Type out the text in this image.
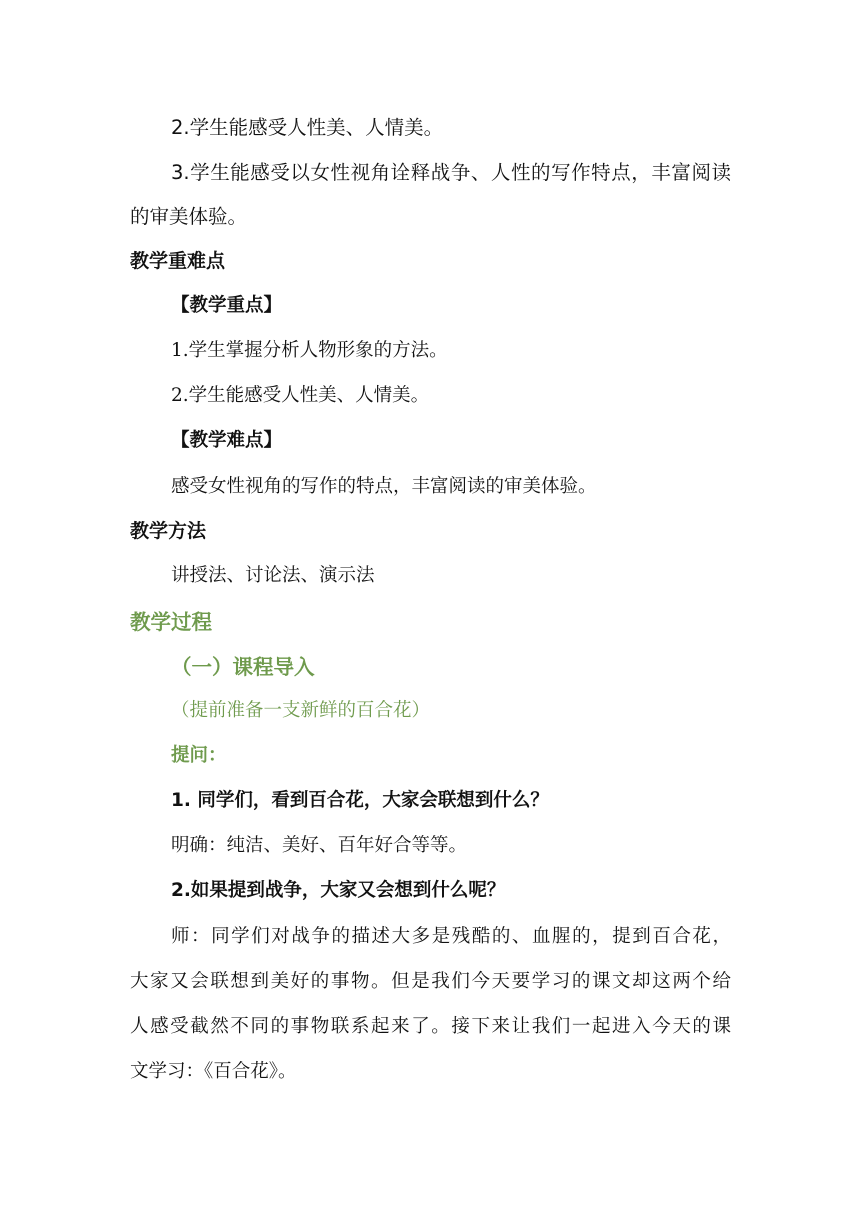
2.学生能感受人性美、人情美。
3.学生能感受以女性视角诠释战争、人性的写作特点，丰富阅读
的审美体验。
教学重难点
【教学重点】
1.学生掌握分析人物形象的方法。
2.学生能感受人性美、人情美。
【教学难点】
感受女性视角的写作的特点，丰富阅读的审美体验。
教学方法
讲授法、讨论法、演示法
教学过程
（一）课程导入
（提前准备一支新鲜的百合花）
提问：
1. 同学们，看到百合花，大家会联想到什么？
明确：纯洁、美好、百年好合等等。
2.如果提到战争，大家又会想到什么呢？
师：同学们对战争的描述大多是残酷的、血腥的，提到百合花，
大家又会联想到美好的事物。但是我们今天要学习的课文却这两个给
人感受截然不同的事物联系起来了。接下来让我们一起进入今天的课
文学习：《百合花》。
